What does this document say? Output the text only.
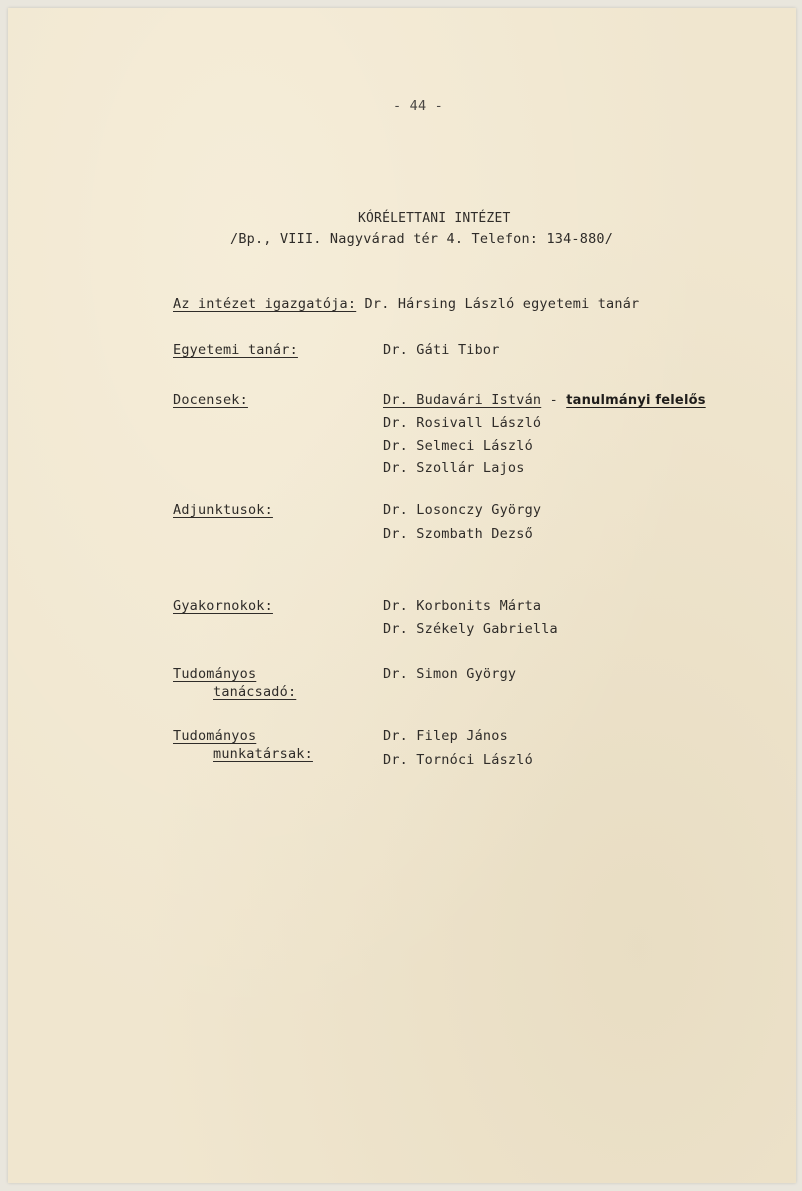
- 44 -
KÓRÉLETTANI INTÉZET
/Bp., VIII. Nagyvárad tér 4. Telefon: 134-880/
Az intézet igazgatója: Dr. Hársing László egyetemi tanár
Egyetemi tanár:	Dr. Gáti Tibor
Docensek:	Dr. Budavári István - tanulmányi felelős
Dr. Rosivall László
Dr. Selmeci László
Dr. Szollár Lajos
Adjunktusok:	Dr. Losonczy György
Dr. Szombath Dezső
Gyakornokok:	Dr. Korbonits Márta
Dr. Székely Gabriella
Tudományos
tanácsadó:
Dr. Simon György
Tudományos
munkatársak:
Dr. Filep János
Dr. Tornóci László
